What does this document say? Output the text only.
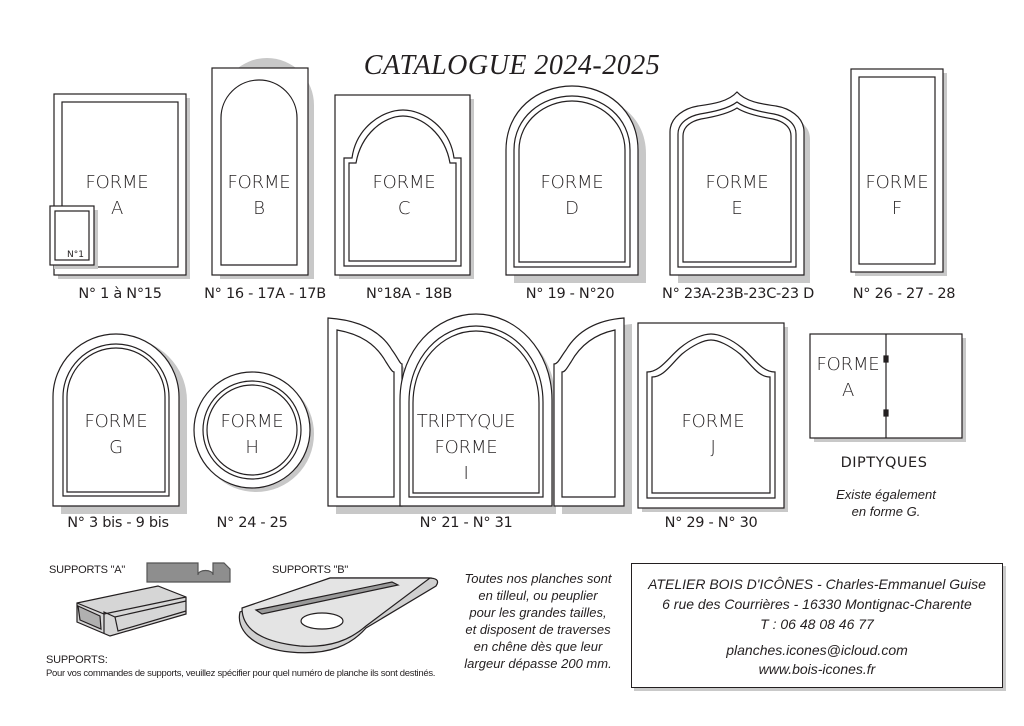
CATALOGUE 2024-2025
FORME
A
N°1
N° 1 à N°15
FORME
B
N° 16 - 17A - 17B
FORME
C
N°18A - 18B
FORME
D
N° 19 - N°20
FORME
E
N° 23A-23B-23C-23 D
FORME
F
N° 26 - 27 - 28
FORME
G
N° 3 bis - 9 bis
FORME
H
N° 24 - 25
TRIPTYQUE
FORME
I
N° 21 - N° 31
FORME
J
N° 29 - N° 30
FORME
A
DIPTYQUES
Existe également
en forme G.
SUPPORTS "A"	SUPPORTS "B"
SUPPORTS:
Pour vos commandes de supports, veuillez spécifier pour quel numéro de planche ils sont destinés.
Toutes nos planches sont
en tilleul, ou peuplier
pour les grandes tailles,
et disposent de traverses
en chêne dès que leur
largeur dépasse 200 mm.
ATELIER BOIS D'ICÔNES - Charles-Emmanuel Guise
6 rue des Courrières - 16330 Montignac-Charente
T : 06 48 08 46 77
planches.icones@icloud.com
www.bois-icones.fr
